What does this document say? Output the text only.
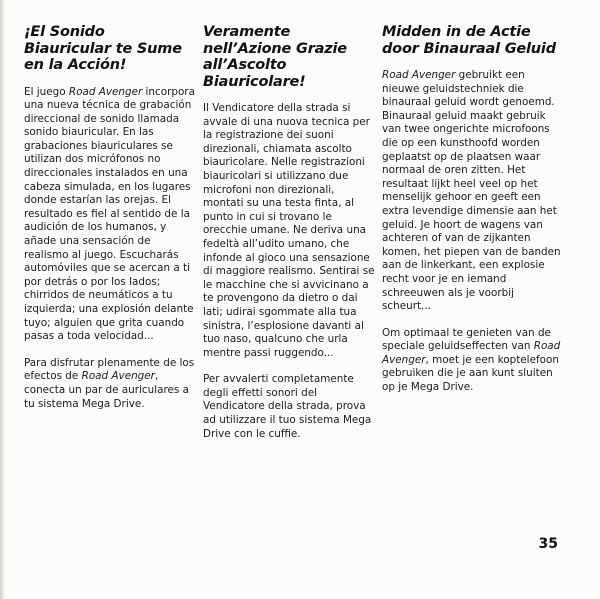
¡El Sonido Biauricular te Sume en la Acción!

El juego Road Avenger incorpora una nueva técnica de grabación direccional de sonido llamada sonido biauricular. En las grabaciones biauriculares se utilizan dos micrófonos no direccionales instalados en una cabeza simulada, en los lugares donde estarían las orejas. El resultado es fiel al sentido de la audición de los humanos, y añade una sensación de realismo al juego. Escucharás automóviles que se acercan a ti por detrás o por los lados; chirridos de neumáticos a tu izquierda; una explosión delante tuyo; alguien que grita cuando pasas a toda velocidad...

Para disfrutar plenamente de los efectos de Road Avenger, conecta un par de auriculares a tu sistema Mega Drive.

Veramente nell’Azione Grazie all’Ascolto Biauricolare!

Il Vendicatore della strada si avvale di una nuova tecnica per la registrazione dei suoni direzionali, chiamata ascolto biauricolare. Nelle registrazioni biauricolari si utilizzano due microfoni non direzionali, montati su una testa finta, al punto in cui si trovano le orecchie umane. Ne deriva una fedeltà all’udito umano, che infonde al gioco una sensazione di maggiore realismo. Sentirai se le macchine che si avvicinano a te provengono da dietro o dai lati; udirai sgommate alla tua sinistra, l’esplosione davanti al tuo naso, qualcuno che urla mentre passi ruggendo...

Per avvalerti completamente degli effetti sonori del Vendicatore della strada, prova ad utilizzare il tuo sistema Mega Drive con le cuffie.

Midden in de Actie door Binauraal Geluid

Road Avenger gebruikt een nieuwe geluidstechniek die binauraal geluid wordt genoemd. Binauraal geluid maakt gebruik van twee ongerichte microfoons die op een kunsthoofd worden geplaatst op de plaatsen waar normaal de oren zitten. Het resultaat lijkt heel veel op het menselijk gehoor en geeft een extra levendige dimensie aan het geluid. Je hoort de wagens van achteren of van de zijkanten komen, het piepen van de banden aan de linkerkant, een explosie recht voor je en iemand schreeuwen als je voorbij scheurt...

Om optimaal te genieten van de speciale geluidseffecten van Road Avenger, moet je een koptelefoon gebruiken die je aan kunt sluiten op je Mega Drive.

35
